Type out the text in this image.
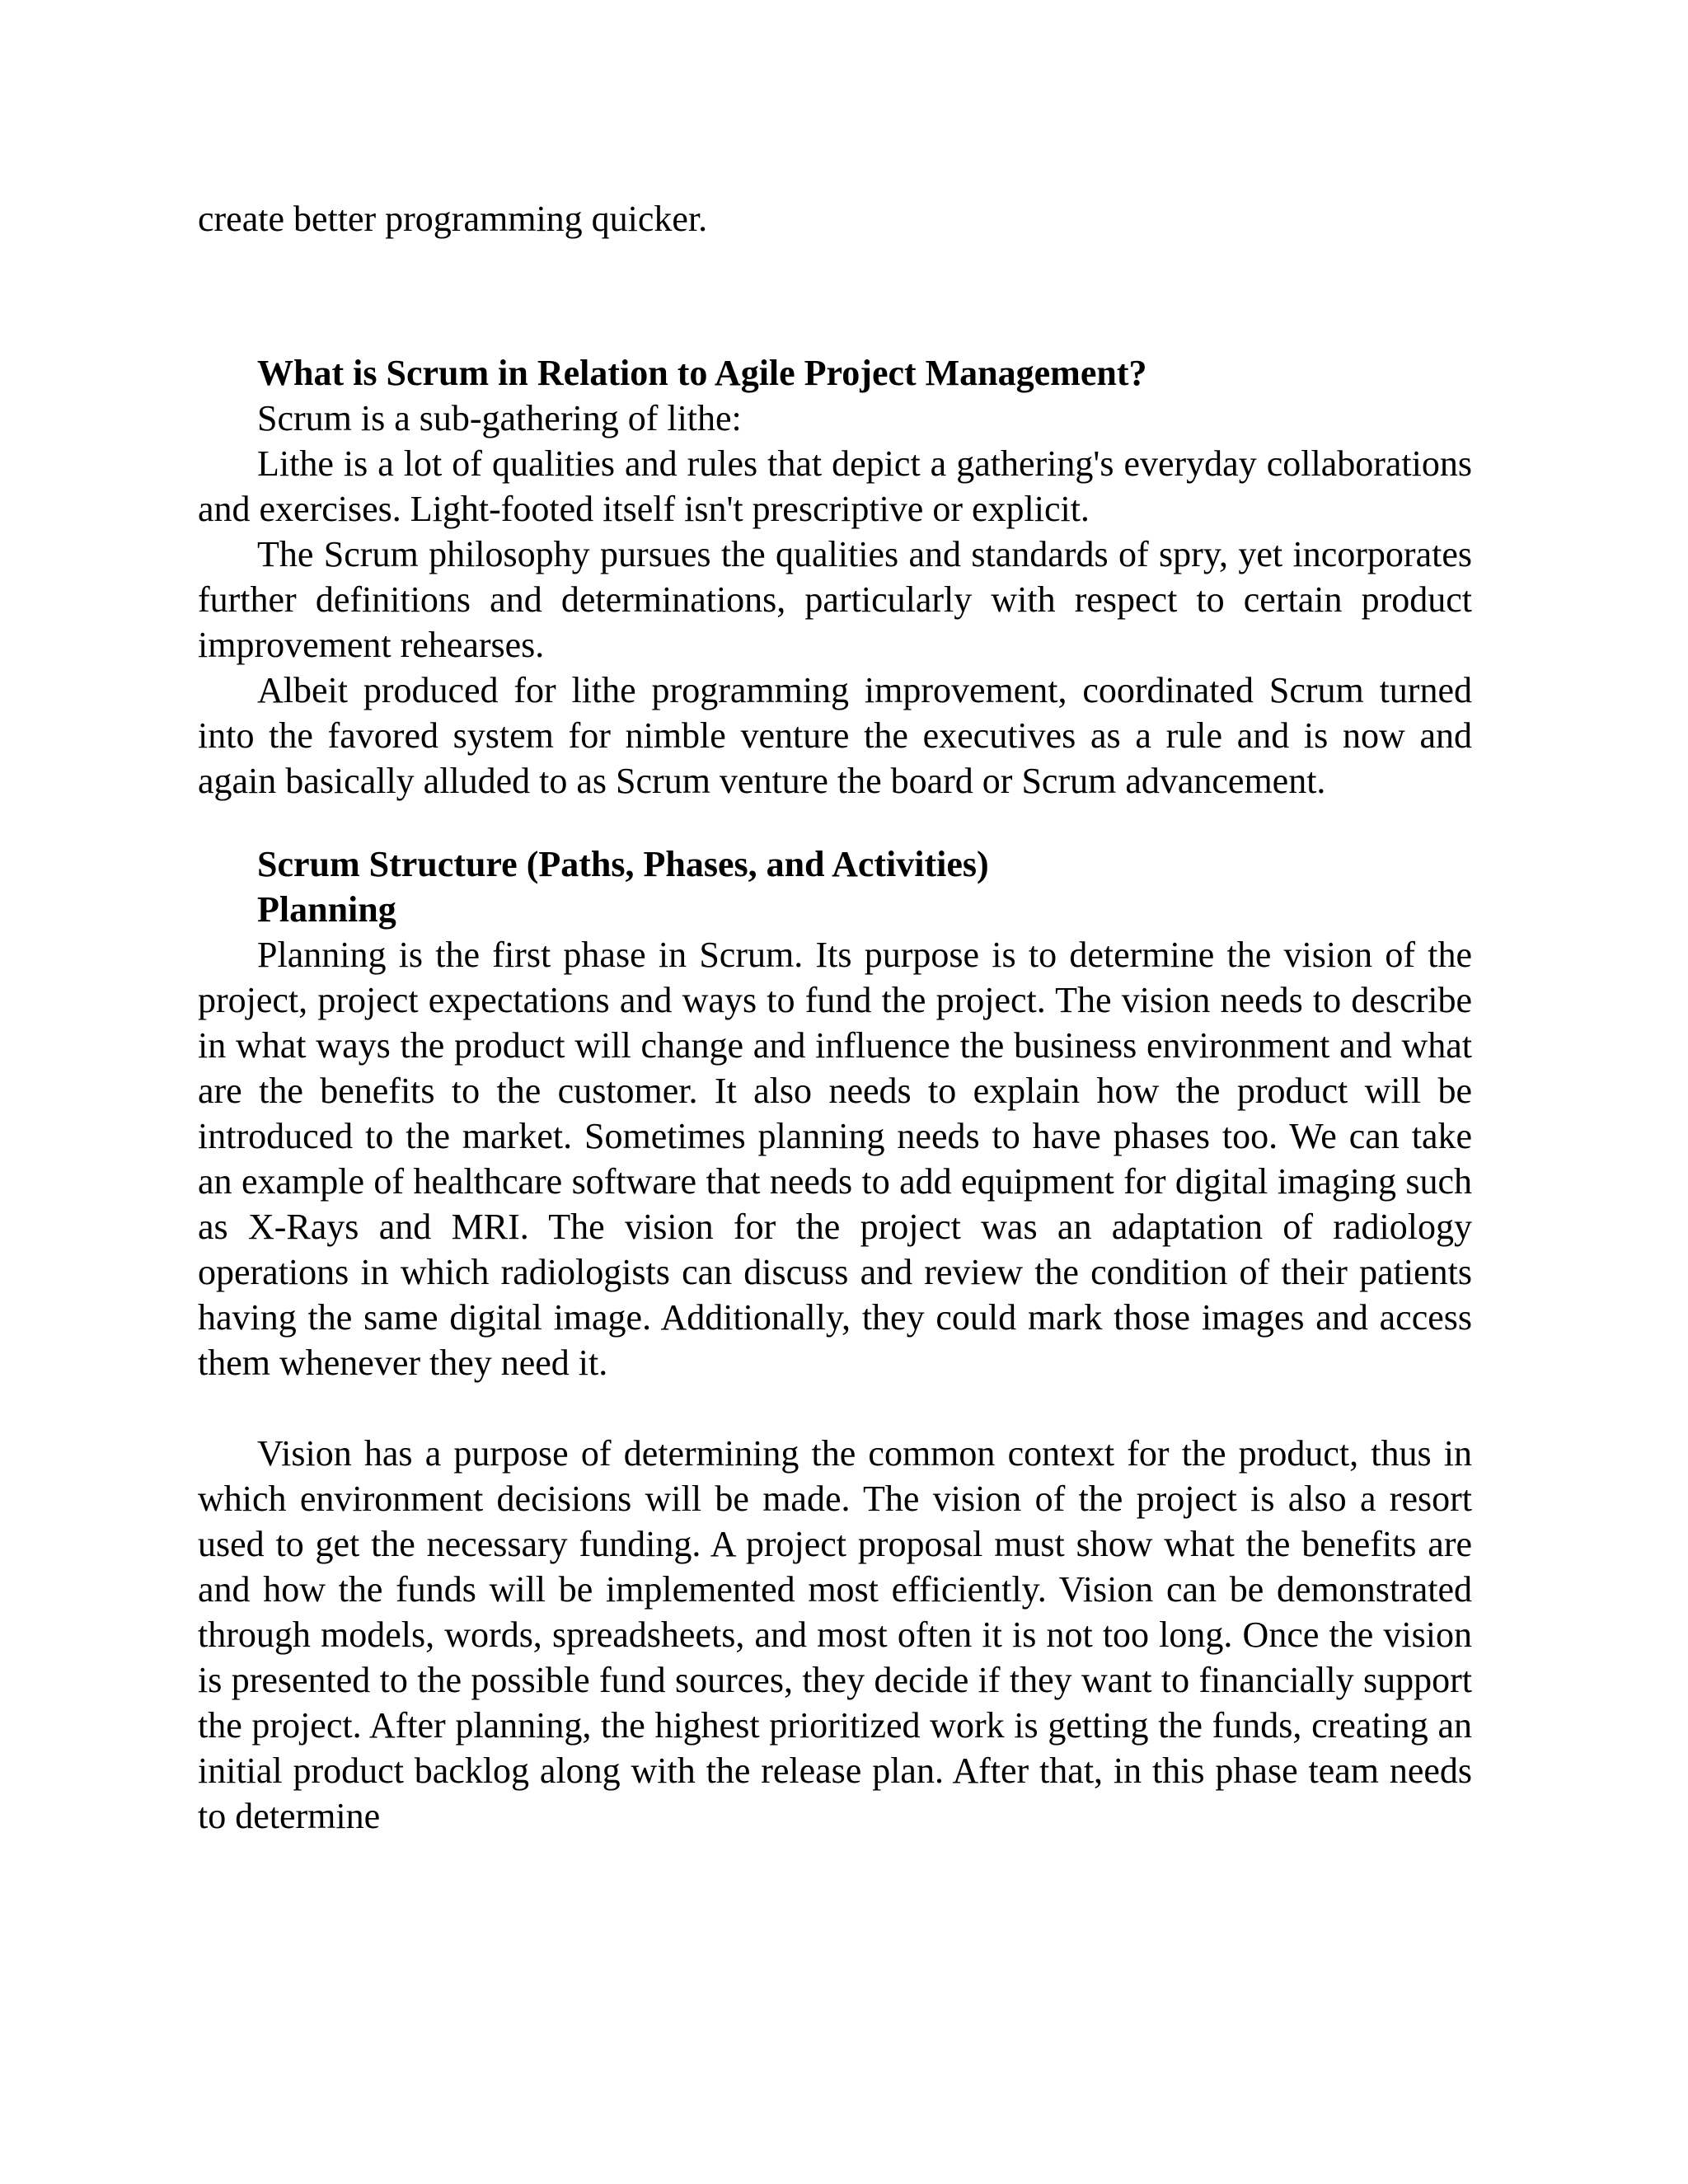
create better programming quicker.

What is Scrum in Relation to Agile Project Management?

Scrum is a sub-gathering of lithe:

Lithe is a lot of qualities and rules that depict a gathering's everyday collaborations and exercises. Light-footed itself isn't prescriptive or explicit.

The Scrum philosophy pursues the qualities and standards of spry, yet incorporates further definitions and determinations, particularly with respect to certain product improvement rehearses.

Albeit produced for lithe programming improvement, coordinated Scrum turned into the favored system for nimble venture the executives as a rule and is now and again basically alluded to as Scrum venture the board or Scrum advancement.

Scrum Structure (Paths, Phases, and Activities)

Planning

Planning is the first phase in Scrum. Its purpose is to determine the vision of the project, project expectations and ways to fund the project. The vision needs to describe in what ways the product will change and influence the business environment and what are the benefits to the customer. It also needs to explain how the product will be introduced to the market. Sometimes planning needs to have phases too. We can take an example of healthcare software that needs to add equipment for digital imaging such as X-Rays and MRI. The vision for the project was an adaptation of radiology operations in which radiologists can discuss and review the condition of their patients having the same digital image. Additionally, they could mark those images and access them whenever they need it.

Vision has a purpose of determining the common context for the product, thus in which environment decisions will be made. The vision of the project is also a resort used to get the necessary funding. A project proposal must show what the benefits are and how the funds will be implemented most efficiently. Vision can be demonstrated through models, words, spreadsheets, and most often it is not too long. Once the vision is presented to the possible fund sources, they decide if they want to financially support the project. After planning, the highest prioritized work is getting the funds, creating an initial product backlog along with the release plan. After that, in this phase team needs to determine
